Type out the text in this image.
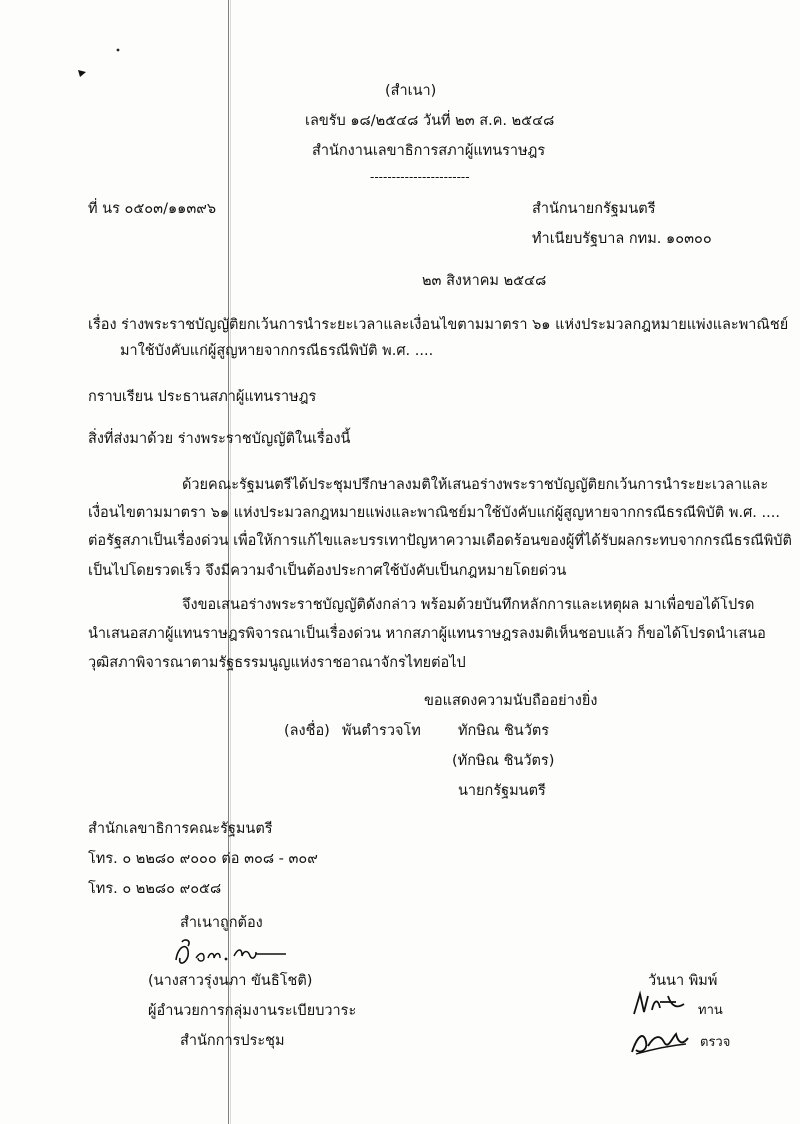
(สำเนา)
เลขรับ ๑๘/๒๕๔๘ วันที่ ๒๓ ส.ค. ๒๕๔๘
สำนักงานเลขาธิการสภาผู้แทนราษฎร
-----------------------
ที่ นร ๐๕๐๓/๑๑๓๙๖	สำนักนายกรัฐมนตรี
ทำเนียบรัฐบาล กทม. ๑๐๓๐๐
๒๓ สิงหาคม ๒๕๔๘
เรื่อง ร่างพระราชบัญญัติยกเว้นการนำระยะเวลาและเงื่อนไขตามมาตรา ๖๑ แห่งประมวลกฎหมายแพ่งและพาณิชย์
มาใช้บังคับแก่ผู้สูญหายจากกรณีธรณีพิบัติ พ.ศ. ....
กราบเรียน ประธานสภาผู้แทนราษฎร
สิ่งที่ส่งมาด้วย ร่างพระราชบัญญัติในเรื่องนี้
ด้วยคณะรัฐมนตรีได้ประชุมปรึกษาลงมติให้เสนอร่างพระราชบัญญัติยกเว้นการนำระยะเวลาและ
เงื่อนไขตามมาตรา ๖๑ แห่งประมวลกฎหมายแพ่งและพาณิชย์มาใช้บังคับแก่ผู้สูญหายจากกรณีธรณีพิบัติ พ.ศ. ....
ต่อรัฐสภาเป็นเรื่องด่วน เพื่อให้การแก้ไขและบรรเทาปัญหาความเดือดร้อนของผู้ที่ได้รับผลกระทบจากกรณีธรณีพิบัติ
เป็นไปโดยรวดเร็ว จึงมีความจำเป็นต้องประกาศใช้บังคับเป็นกฎหมายโดยด่วน
จึงขอเสนอร่างพระราชบัญญัติดังกล่าว พร้อมด้วยบันทึกหลักการและเหตุผล มาเพื่อขอได้โปรด
นำเสนอสภาผู้แทนราษฎรพิจารณาเป็นเรื่องด่วน หากสภาผู้แทนราษฎรลงมติเห็นชอบแล้ว ก็ขอได้โปรดนำเสนอ
วุฒิสภาพิจารณาตามรัฐธรรมนูญแห่งราชอาณาจักรไทยต่อไป
ขอแสดงความนับถืออย่างยิ่ง
(ลงชื่อ) พันตำรวจโท	ทักษิณ ชินวัตร
(ทักษิณ ชินวัตร)
นายกรัฐมนตรี
สำนักเลขาธิการคณะรัฐมนตรี
โทร. ๐ ๒๒๘๐ ๙๐๐๐ ต่อ ๓๐๘ - ๓๐๙
โทร. ๐ ๒๒๘๐ ๙๐๕๘
สำเนาถูกต้อง
(นางสาวรุ่งนภา ขันธิโชติ)
ผู้อำนวยการกลุ่มงานระเบียบวาระ
สำนักการประชุม
วันนา พิมพ์
ทาน
ตรวจ
